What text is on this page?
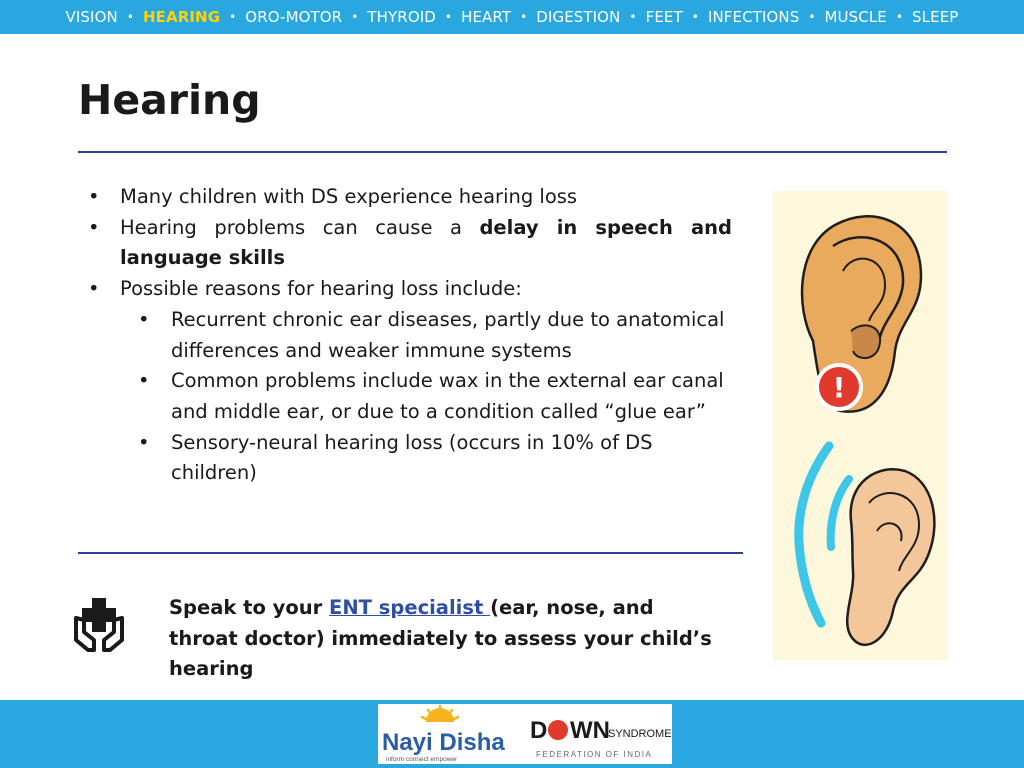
VISION • HEARING • ORO-MOTOR • THYROID • HEART • DIGESTION • FEET • INFECTIONS • MUSCLE • SLEEP
Hearing
• Many children with DS experience hearing loss
• Hearing problems can cause a delay in speech and language skills
• Possible reasons for hearing loss include:
• Recurrent chronic ear diseases, partly due to anatomical differences and weaker immune systems
• Common problems include wax in the external ear canal and middle ear, or due to a condition called “glue ear”
• Sensory-neural hearing loss (occurs in 10% of DS children)
!
Speak to your ENT specialist (ear, nose, and throat doctor) immediately to assess your child’s hearing
Nayi Disha
inform connect empower
D WN
SYNDROME
FEDERATION OF INDIA
